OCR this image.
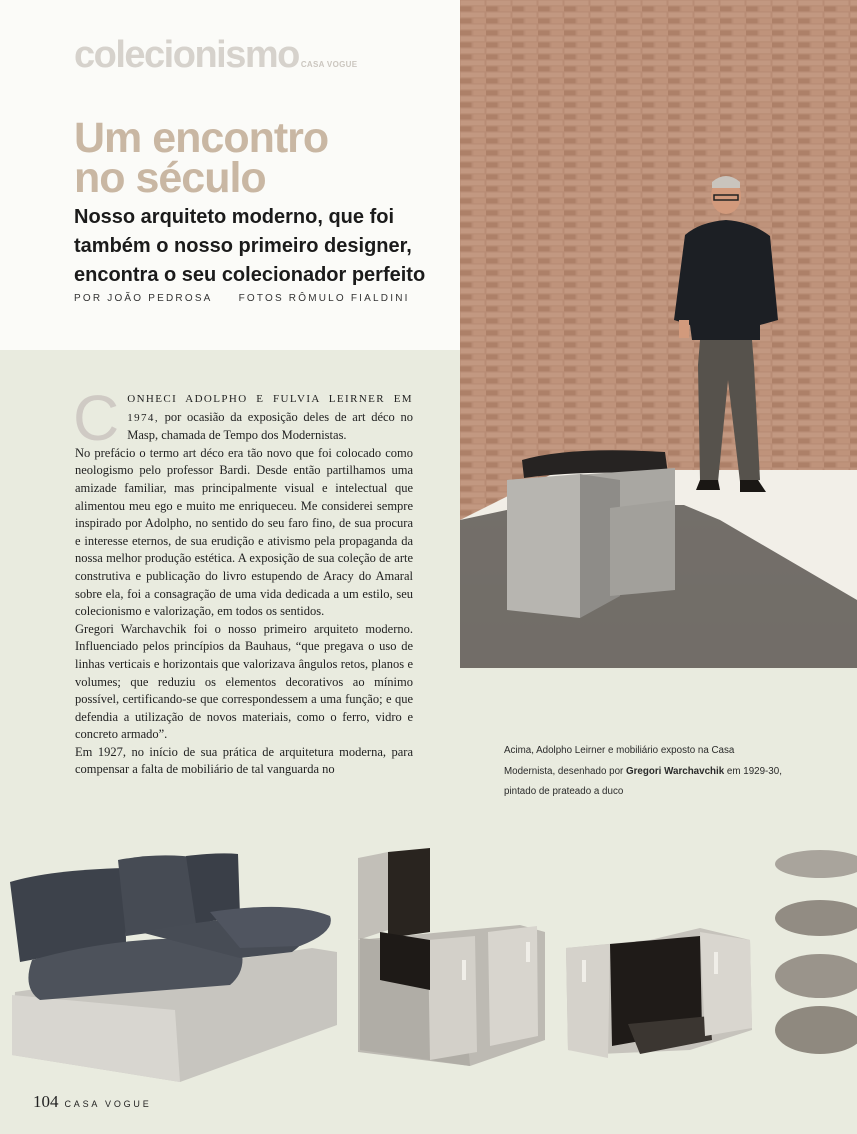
colecionismo CASA VOGUE
Um encontro
no século
Nosso arquiteto moderno, que foi
também o nosso primeiro designer,
encontra o seu colecionador perfeito
POR JOÃO PEDROSA	FOTOS RÔMULO FIALDINI

CONHECI ADOLPHO E FULVIA LEIRNER EM 1974, por ocasião da exposição deles de art déco no Masp, chamada de Tempo dos Modernistas.

No prefácio o termo art déco era tão novo que foi colocado como neologismo pelo professor Bardi. Desde então partilhamos uma amizade familiar, mas principalmente visual e intelectual que alimentou meu ego e muito me enriqueceu. Me considerei sempre inspirado por Adolpho, no sentido do seu faro fino, de sua procura e interesse eternos, de sua erudição e ativismo pela propaganda da nossa melhor produção estética. A exposição de sua coleção de arte construtiva e publicação do livro estupendo de Aracy do Amaral sobre ela, foi a consagração de uma vida dedicada a um estilo, seu colecionismo e valorização, em todos os sentidos.

Gregori Warchavchik foi o nosso primeiro arquiteto moderno. Influenciado pelos princípios da Bauhaus, “que pregava o uso de linhas verticais e horizontais que valorizava ângulos retos, planos e volumes; que reduziu os elementos decorativos ao mínimo possível, certificando-se que correspondessem a uma função; e que defendia a utilização de novos materiais, como o ferro, vidro e concreto armado”.

Em 1927, no início de sua prática de arquitetura moderna, para compensar a falta de mobiliário de tal vanguarda no

Acima, Adolpho Leirner e mobiliário exposto na Casa Modernista, desenhado por Gregori Warchavchik em 1929-30, pintado de prateado a duco

104 CASA VOGUE
